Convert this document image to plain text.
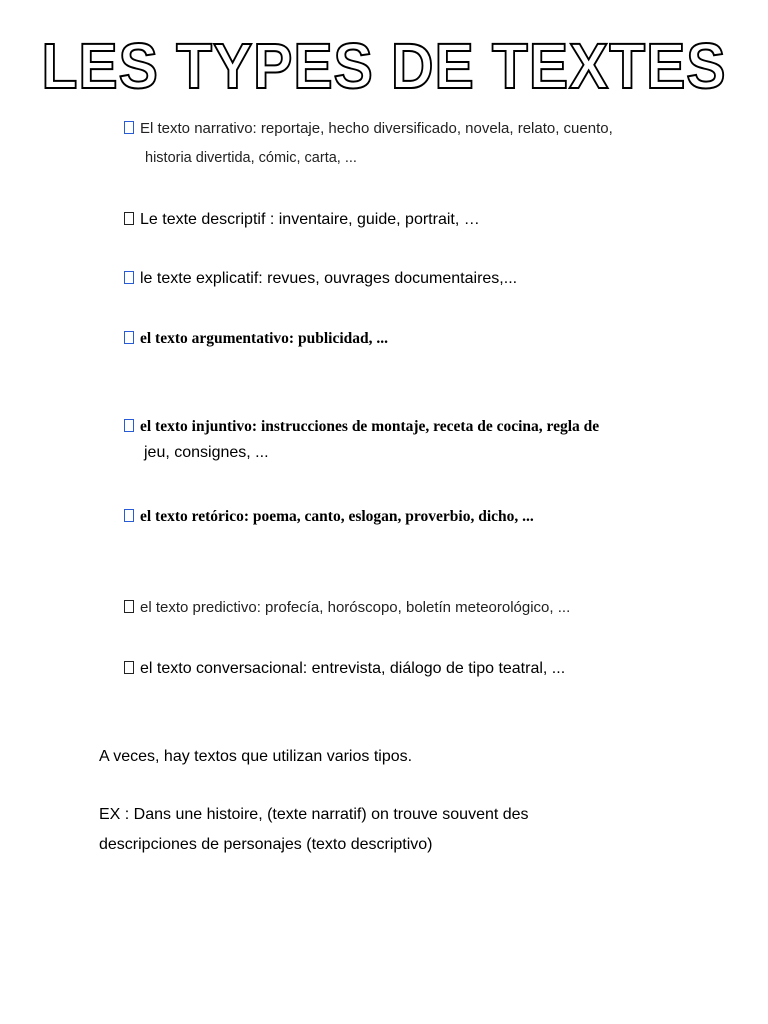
LES TYPES DE TEXTES
El texto narrativo: reportaje, hecho diversificado, novela, relato, cuento,
historia divertida, cómic, carta, ...
Le texte descriptif : inventaire, guide, portrait, …
le texte explicatif: revues, ouvrages documentaires,...
el texto argumentativo: publicidad, ...
el texto injuntivo: instrucciones de montaje, receta de cocina, regla de
jeu, consignes, ...
el texto retórico: poema, canto, eslogan, proverbio, dicho, ...
el texto predictivo: profecía, horóscopo, boletín meteorológico, ...
el texto conversacional: entrevista, diálogo de tipo teatral, ...
A veces, hay textos que utilizan varios tipos.
EX : Dans une histoire, (texte narratif) on trouve souvent des
descripciones de personajes (texto descriptivo)
